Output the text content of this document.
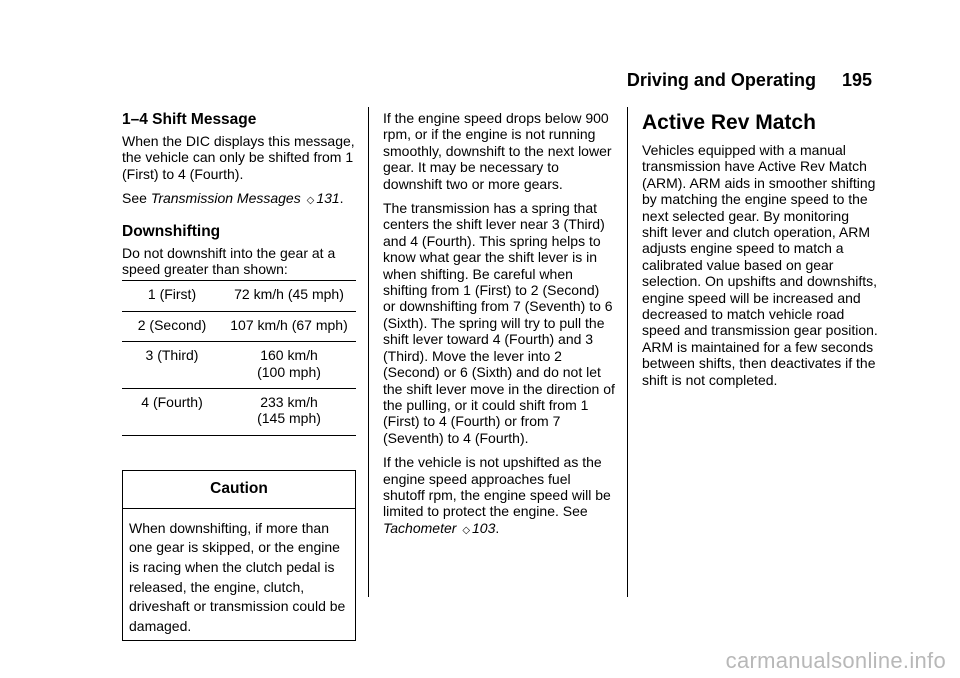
Driving and Operating 195
1–4 Shift Message

When the DIC displays this message, the vehicle can only be shifted from 1 (First) to 4 (Fourth).

See Transmission Messages ◇ 131.

Downshifting

Do not downshift into the gear at a speed greater than shown:

1 (First)	72 km/h (45 mph)
2 (Second)	107 km/h (67 mph)
3 (Third)	160 km/h
(100 mph)
4 (Fourth)	233 km/h
(145 mph)
Caution
When downshifting, if more than one gear is skipped, or the engine is racing when the clutch pedal is released, the engine, clutch, driveshaft or transmission could be damaged.

If the engine speed drops below 900 rpm, or if the engine is not running smoothly, downshift to the next lower gear. It may be necessary to downshift two or more gears.

The transmission has a spring that centers the shift lever near 3 (Third) and 4 (Fourth). This spring helps to know what gear the shift lever is in when shifting. Be careful when shifting from 1 (First) to 2 (Second) or downshifting from 7 (Seventh) to 6 (Sixth). The spring will try to pull the shift lever toward 4 (Fourth) and 3 (Third). Move the lever into 2 (Second) or 6 (Sixth) and do not let the shift lever move in the direction of the pulling, or it could shift from 1 (First) to 4 (Fourth) or from 7 (Seventh) to 4 (Fourth).

If the vehicle is not upshifted as the engine speed approaches fuel shutoff rpm, the engine speed will be limited to protect the engine. See Tachometer ◇ 103.

Active Rev Match

Vehicles equipped with a manual transmission have Active Rev Match (ARM). ARM aids in smoother shifting by matching the engine speed to the next selected gear. By monitoring shift lever and clutch operation, ARM adjusts engine speed to match a calibrated value based on gear selection. On upshifts and downshifts, engine speed will be increased and decreased to match vehicle road speed and transmission gear position. ARM is maintained for a few seconds between shifts, then deactivates if the shift is not completed.

carmanualsonline.info
